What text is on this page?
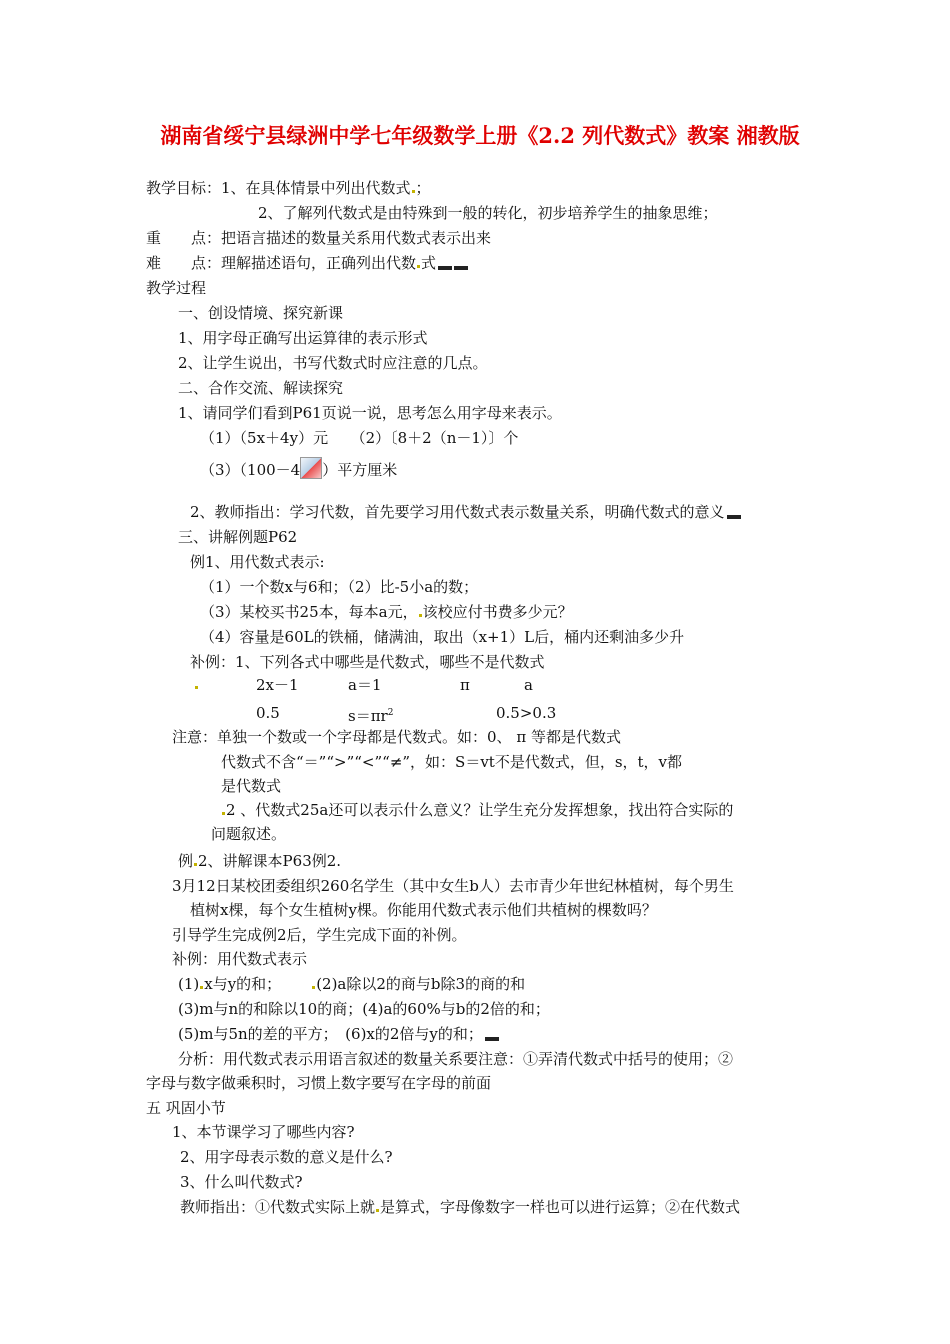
湖南省绥宁县绿洲中学七年级数学上册《2.2 列代数式》教案 湘教版
教学目标：1、在具体情景中列出代数式 ；
2、了解列代数式是由特殊到一般的转化，初步培养学生的抽象思维；
重　　点：把语言描述的数量关系用代数式表示出来
难　　点：理解描述语句，正确列出代数 式
教学过程
一、创设情境、探究新课
1、用字母正确写出运算律的表示形式
2、让学生说出，书写代数式时应注意的几点。
二、合作交流、解读探究
1、请同学们看到P61页说一说，思考怎么用字母来表示。
（1）（5x＋4y）元　　（2）〔8＋2（n－1）〕个
（3）（100－4 ）平方厘米
2、教师指出：学习代数，首先要学习用代数式表示数量关系，明确代数式的意义
三、讲解例题P62
例1、用代数式表示:
（1）一个数x与6和；（2）比-5小a的数；
（3）某校买书25本，每本a元， 该校应付书费多少元？
（4）容量是60L的铁桶，储满油，取出（x+1）L后，桶内还剩油多少升
补例：1、下列各式中哪些是代数式，哪些不是代数式
2x－1	a＝1	π	a
0.5	$s=\pi r^2$	0.5>0.3
注意：单独一个数或一个字母都是代数式。如：0、 π 等都是代数式
代数式不含“＝”“>”“<”“≠”，如：S＝vt不是代数式，但，s，t，v都
是代数式
2 、代数式25a还可以表示什么意义？让学生充分发挥想象，找出符合实际的
问题叙述。
例 2、讲解课本P63例2.
3月12日某校团委组织260名学生（其中女生b人）去市青少年世纪林植树，每个男生
植树x棵，每个女生植树y棵。你能用代数式表示他们共植树的棵数吗？
引导学生完成例2后，学生完成下面的补例。
补例：用代数式表示
(1) x与y的和； (2)a除以2的商与b除3的商的和
(3)m与n的和除以10的商；(4)a的60%与b的2倍的和；
(5)m与5n的差的平方；　(6)x的2倍与y的和；
分析：用代数式表示用语言叙述的数量关系要注意：①弄清代数式中括号的使用；②
字母与数字做乘积时，习惯上数字要写在字母的前面
五 巩固小节
1、本节课学习了哪些内容?
2、用字母表示数的意义是什么?
3、什么叫代数式?
教师指出：①代数式实际上就 是算式，字母像数字一样也可以进行运算；②在代数式
